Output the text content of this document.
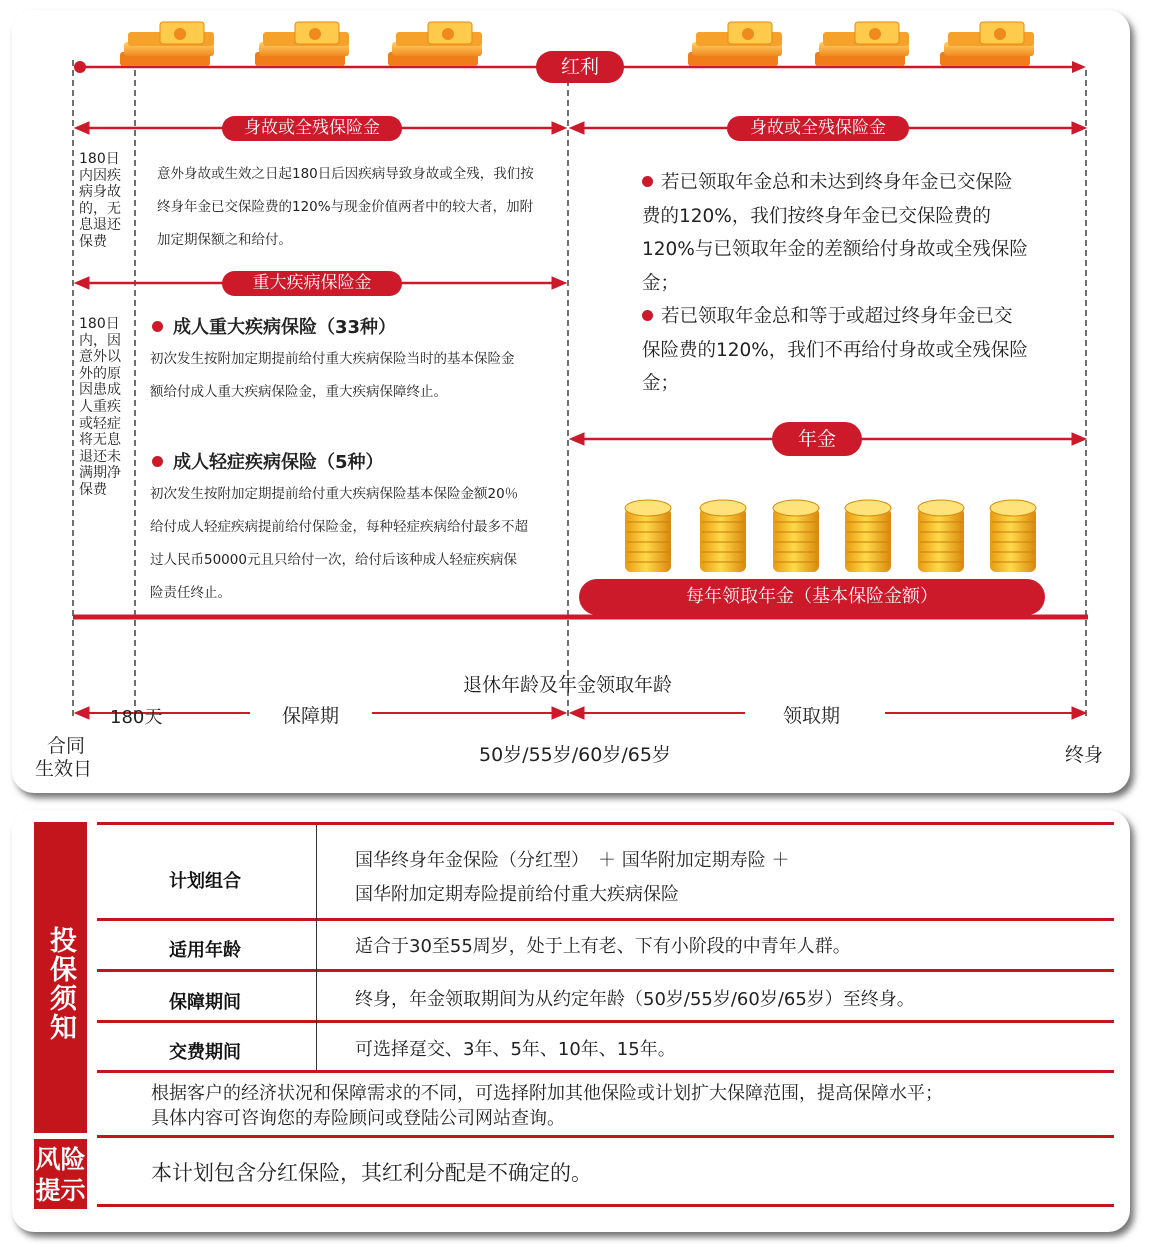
红利
身故或全残保险金	身故或全残保险金
重大疾病保险金
年金
每年领取年金（基本保险金额）
180日内因疾病身故的，无息退还保费
180日内，因意外以外的原因患成人重疾或轻症将无息退还未满期净保费
意外身故或生效之日起180日后因疾病导致身故或全残，我们按终身年金已交保险费的120%与现金价值两者中的较大者，加附加定期保额之和给付。
成人重大疾病保险（33种）
初次发生按附加定期提前给付重大疾病保险当时的基本保险金额给付成人重大疾病保险金，重大疾病保障终止。
成人轻症疾病保险（5种）
初次发生按附加定期提前给付重大疾病保险基本保险金额20％给付成人轻症疾病提前给付保险金，每种轻症疾病给付最多不超过人民币50000元且只给付一次，给付后该种成人轻症疾病保险责任终止。
若已领取年金总和未达到终身年金已交保险费的120%，我们按终身年金已交保险费的120%与已领取年金的差额给付身故或全残保险金；
若已领取年金总和等于或超过终身年金已交保险费的120%，我们不再给付身故或全残保险金；
退休年龄及年金领取年龄
180天	保障期	领取期
合同
生效日
50岁/55岁/60岁/65岁	终身
投保须知
风险
提示
计划组合
国华终身年金保险（分红型）　＋ 国华附加定期寿险 ＋
国华附加定期寿险提前给付重大疾病保险
适用年龄	适合于30至55周岁，处于上有老、下有小阶段的中青年人群。
保障期间	终身，年金领取期间为从约定年龄（50岁/55岁/60岁/65岁）至终身。
交费期间	可选择趸交、3年、5年、10年、15年。
根据客户的经济状况和保障需求的不同，可选择附加其他保险或计划扩大保障范围，提高保障水平；
具体内容可咨询您的寿险顾问或登陆公司网站查询。
本计划包含分红保险，其红利分配是不确定的。
